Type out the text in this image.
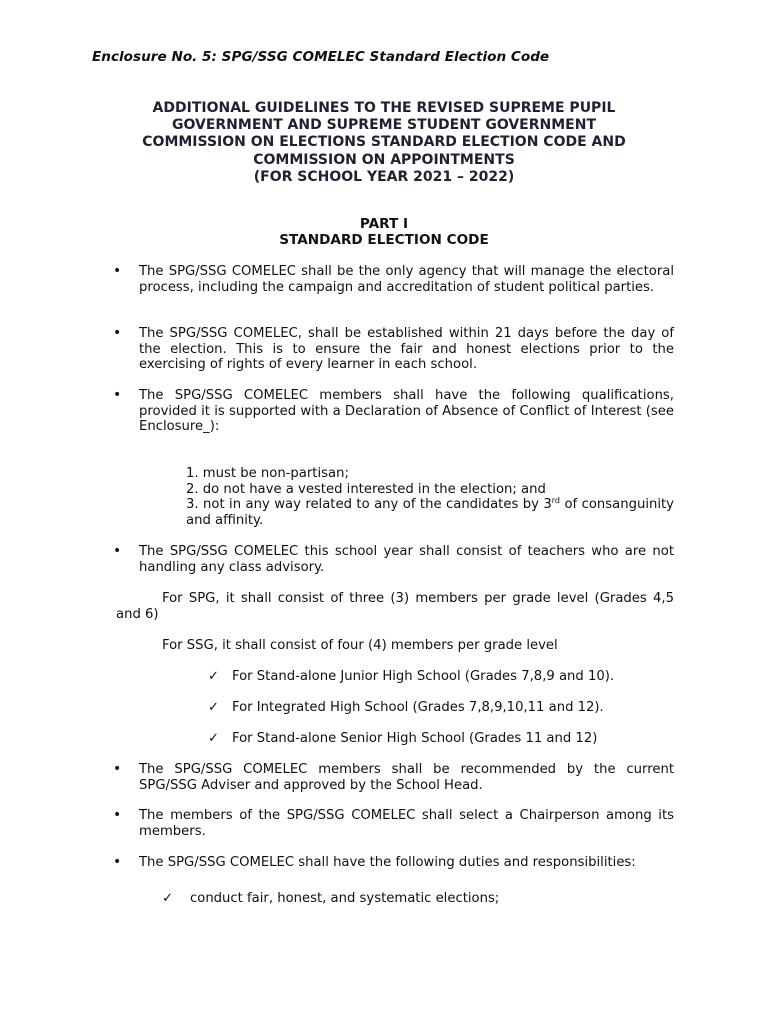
Enclosure No. 5: SPG/SSG COMELEC Standard Election Code
ADDITIONAL GUIDELINES TO THE REVISED SUPREME PUPIL
GOVERNMENT AND SUPREME STUDENT GOVERNMENT
COMMISSION ON ELECTIONS STANDARD ELECTION CODE AND
COMMISSION ON APPOINTMENTS
(FOR SCHOOL YEAR 2021 – 2022)
PART I
STANDARD ELECTION CODE
• The SPG/SSG COMELEC shall be the only agency that will manage the electoral process, including the campaign and accreditation of student political parties.
• The SPG/SSG COMELEC, shall be established within 21 days before the day of the election. This is to ensure the fair and honest elections prior to the exercising of rights of every learner in each school.
• The SPG/SSG COMELEC members shall have the following qualifications, provided it is supported with a Declaration of Absence of Conflict of Interest (see Enclosure_):
1. must be non-partisan;
2. do not have a vested interested in the election; and
3. not in any way related to any of the candidates by 3rd of consanguinity and affinity.
• The SPG/SSG COMELEC this school year shall consist of teachers who are not handling any class advisory.
For SPG, it shall consist of three (3) members per grade level (Grades 4,5 and 6)
For SSG, it shall consist of four (4) members per grade level
✓ For Stand-alone Junior High School (Grades 7,8,9 and 10).
✓ For Integrated High School (Grades 7,8,9,10,11 and 12).
✓ For Stand-alone Senior High School (Grades 11 and 12)
• The SPG/SSG COMELEC members shall be recommended by the current SPG/SSG Adviser and approved by the School Head.
• The members of the SPG/SSG COMELEC shall select a Chairperson among its members.
• The SPG/SSG COMELEC shall have the following duties and responsibilities:
✓ conduct fair, honest, and systematic elections;
